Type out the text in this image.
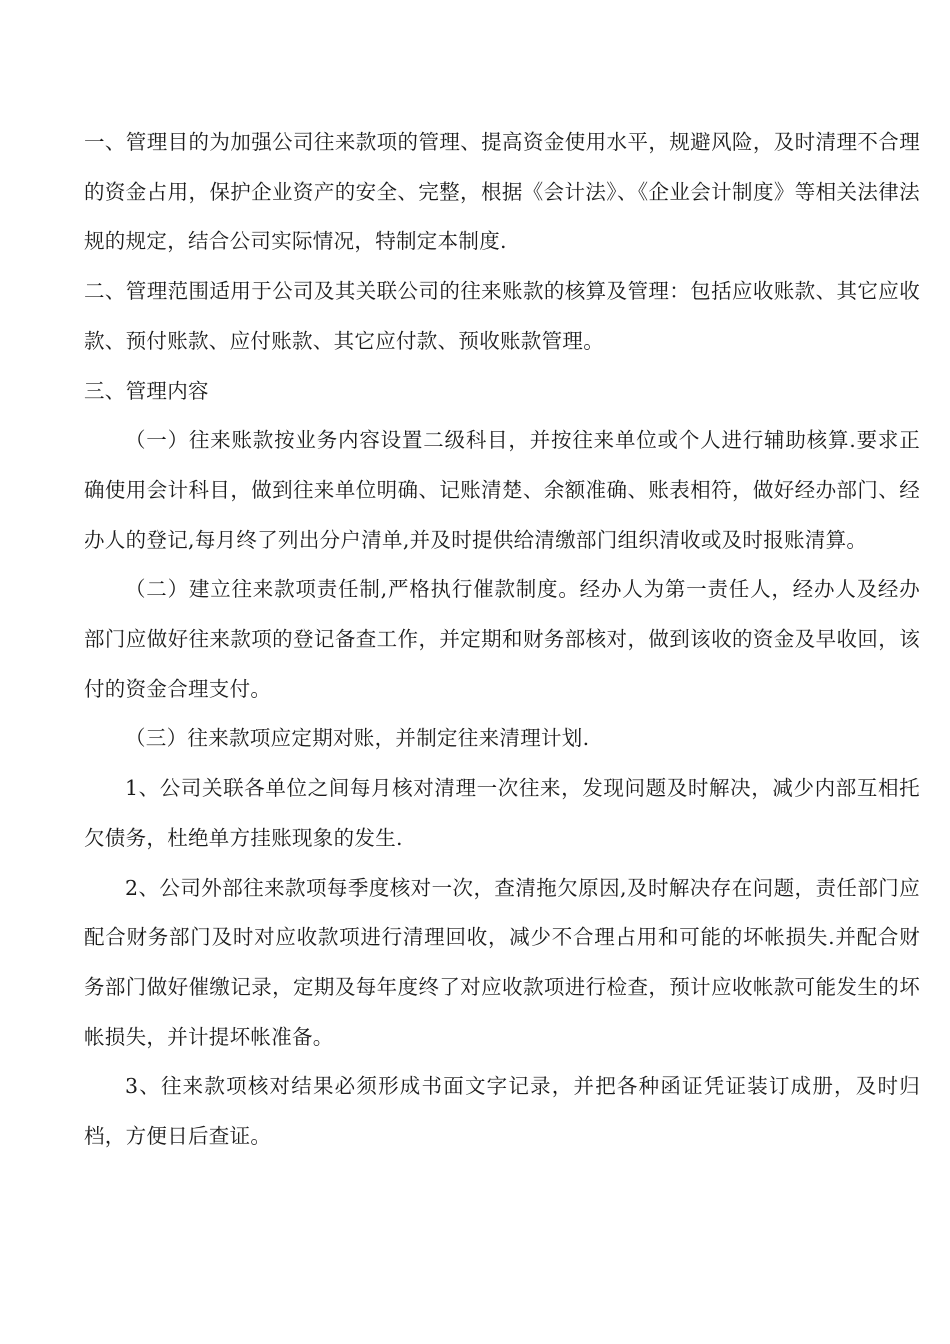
一、管理目的为加强公司往来款项的管理、提高资金使用水平，规避风险，及时清理不合理的资金占用，保护企业资产的安全、完整，根据《会计法》、《企业会计制度》等相关法律法规的规定，结合公司实际情况，特制定本制度.

二、管理范围适用于公司及其关联公司的往来账款的核算及管理：包括应收账款、其它应收款、预付账款、应付账款、其它应付款、预收账款管理。

三、管理内容

（一）往来账款按业务内容设置二级科目，并按往来单位或个人进行辅助核算.要求正确使用会计科目，做到往来单位明确、记账清楚、余额准确、账表相符，做好经办部门、经办人的登记,每月终了列出分户清单,并及时提供给清缴部门组织清收或及时报账清算。

（二）建立往来款项责任制,严格执行催款制度。经办人为第一责任人，经办人及经办部门应做好往来款项的登记备查工作，并定期和财务部核对，做到该收的资金及早收回，该付的资金合理支付。

（三）往来款项应定期对账，并制定往来清理计划.

1、公司关联各单位之间每月核对清理一次往来，发现问题及时解决，减少内部互相托欠债务，杜绝单方挂账现象的发生.

2、公司外部往来款项每季度核对一次，查清拖欠原因,及时解决存在问题，责任部门应配合财务部门及时对应收款项进行清理回收，减少不合理占用和可能的坏帐损失.并配合财务部门做好催缴记录，定期及每年度终了对应收款项进行检查，预计应收帐款可能发生的坏帐损失，并计提坏帐准备。

3、往来款项核对结果必须形成书面文字记录，并把各种函证凭证装订成册，及时归档，方便日后查证。
